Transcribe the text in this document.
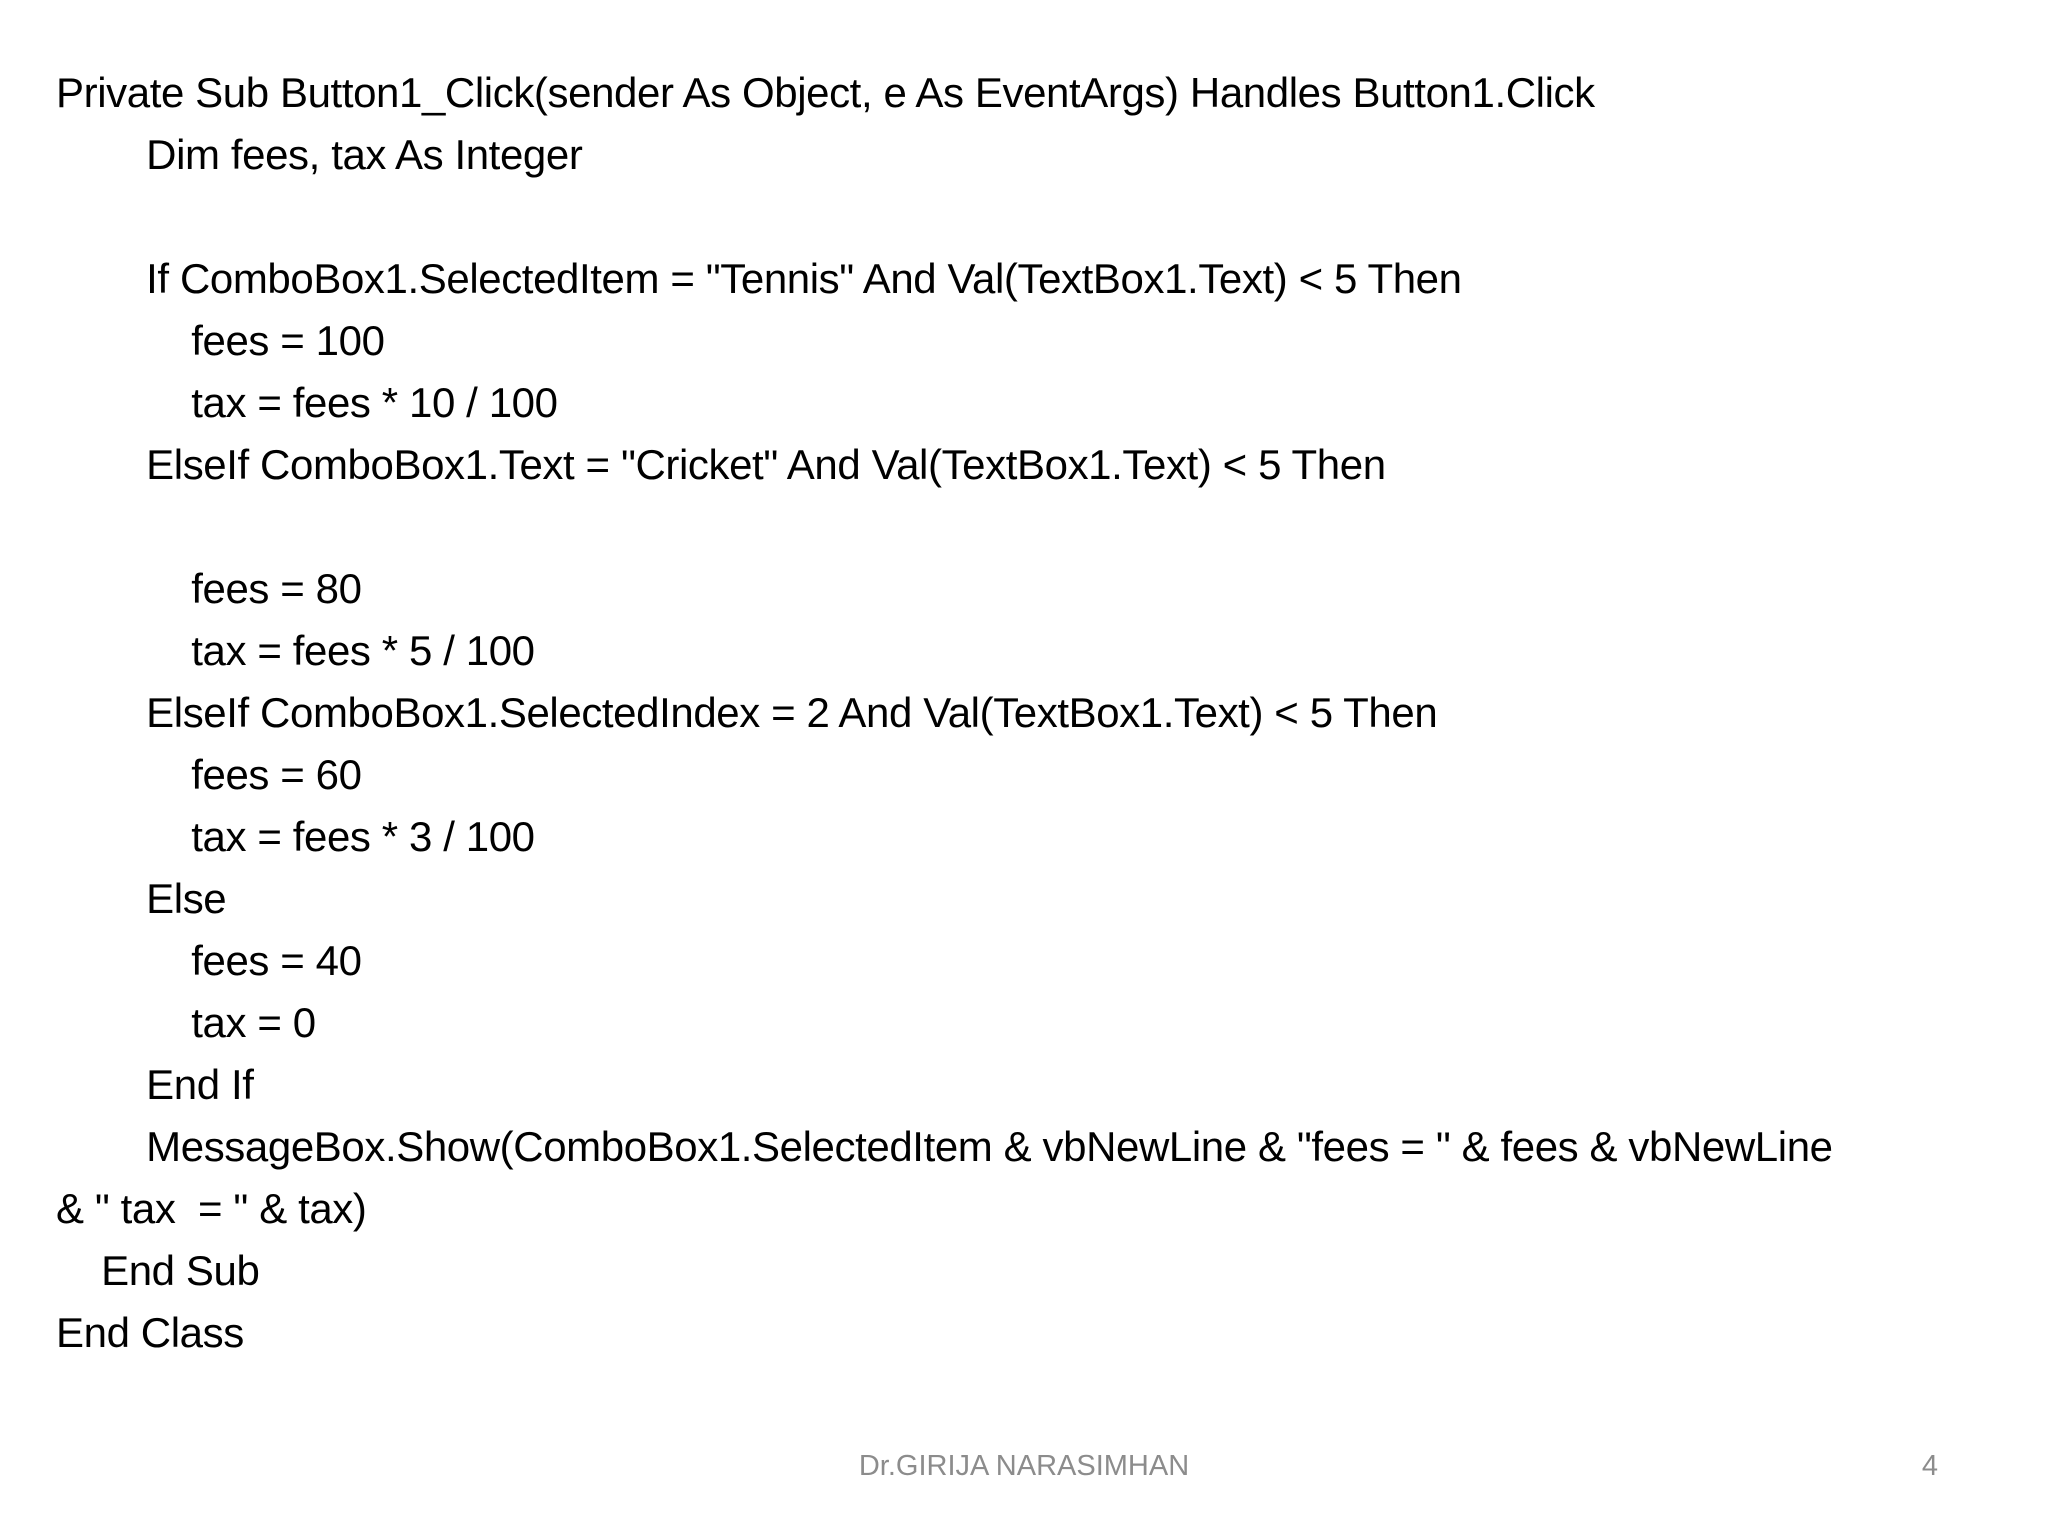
Private Sub Button1_Click(sender As Object, e As EventArgs) Handles Button1.Click
Dim fees, tax As Integer
If ComboBox1.SelectedItem = "Tennis" And Val(TextBox1.Text) < 5 Then
fees = 100
tax = fees * 10 / 100
ElseIf ComboBox1.Text = "Cricket" And Val(TextBox1.Text) < 5 Then
fees = 80
tax = fees * 5 / 100
ElseIf ComboBox1.SelectedIndex = 2 And Val(TextBox1.Text) < 5 Then
fees = 60
tax = fees * 3 / 100
Else
fees = 40
tax = 0
End If
MessageBox.Show(ComboBox1.SelectedItem & vbNewLine & "fees = " & fees & vbNewLine
& " tax  = " & tax)
End Sub
End Class
Dr.GIRIJA NARASIMHAN	4
